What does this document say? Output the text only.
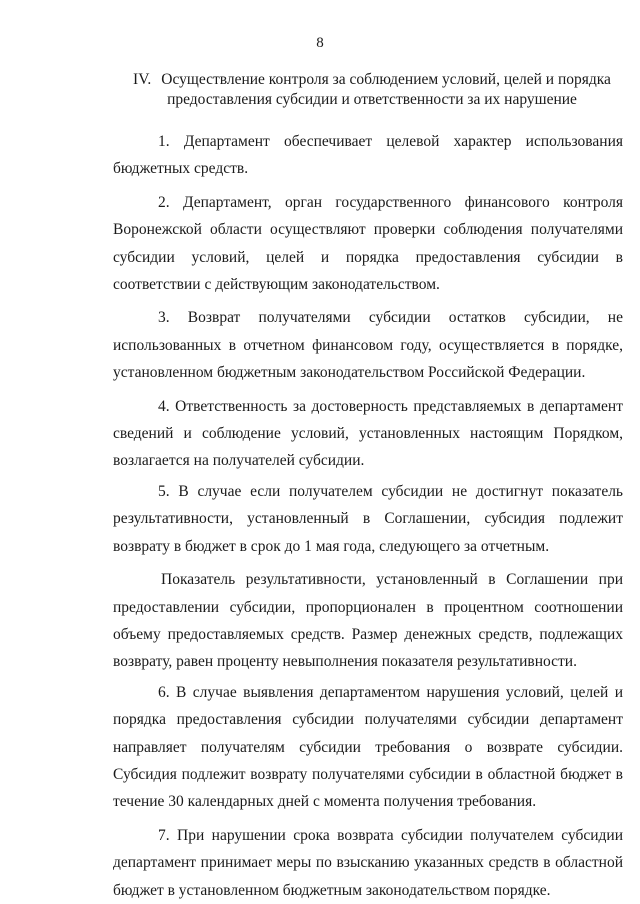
8
IV. Осуществление контроля за соблюдением условий, целей и порядка
предоставления субсидии и ответственности за их нарушение

1. Департамент обеспечивает целевой характер использования бюджетных средств.

2. Департамент, орган государственного финансового контроля Воронежской области осуществляют проверки соблюдения получателями субсидии условий, целей и порядка предоставления субсидии в соответствии с действующим законодательством.

3. Возврат получателями субсидии остатков субсидии, не использованных в отчетном финансовом году, осуществляется в порядке, установленном бюджетным законодательством Российской Федерации.

4. Ответственность за достоверность представляемых в департамент сведений и соблюдение условий, установленных настоящим Порядком, возлагается на получателей субсидии.

5. В случае если получателем субсидии не достигнут показатель результативности, установленный в Соглашении, субсидия подлежит возврату в бюджет в срок до 1 мая года, следующего за отчетным.

Показатель результативности, установленный в Соглашении при предоставлении субсидии, пропорционален в процентном соотношении объему предоставляемых средств. Размер денежных средств, подлежащих возврату, равен проценту невыполнения показателя результативности.

6. В случае выявления департаментом нарушения условий, целей и порядка предоставления субсидии получателями субсидии департамент направляет получателям субсидии требования о возврате субсидии. Субсидия подлежит возврату получателями субсидии в областной бюджет в течение 30 календарных дней с момента получения требования.

7. При нарушении срока возврата субсидии получателем субсидии департамент принимает меры по взысканию указанных средств в областной бюджет в установленном бюджетным законодательством порядке.
